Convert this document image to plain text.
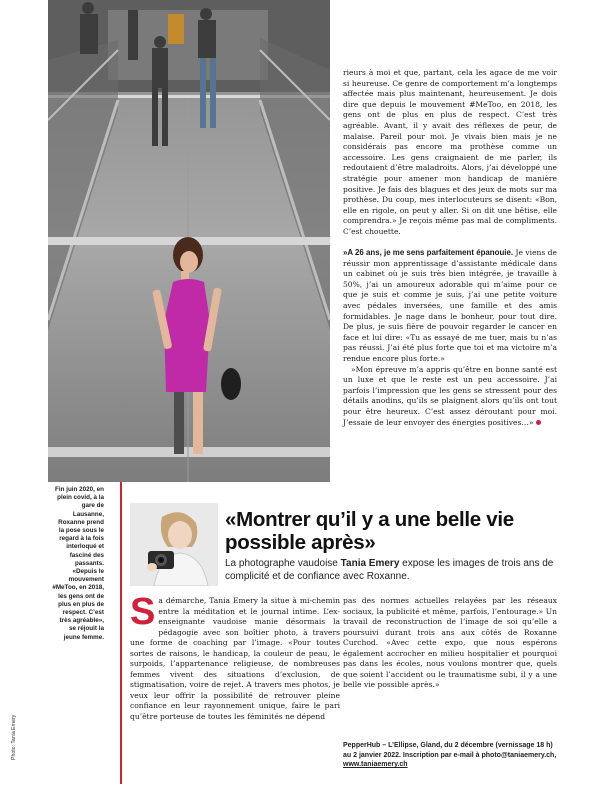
rieurs à moi et que, partant, cela les agace de me voir si heureuse. Ce genre de comportement m’a longtemps affectée mais plus maintenant, heureusement. Je dois dire que depuis le mouvement #MeToo, en 2018, les gens ont de plus en plus de respect. C’est très agréable. Avant, il y avait des réflexes de peur, de malaise. Pareil pour moi. Je vivais bien mais je ne considérais pas encore ma prothèse comme un accessoire. Les gens craignaient de me parler, ils redoutaient d’être maladroits. Alors, j’ai développé une stratégie pour amener mon handicap de manière positive. Je fais des blagues et des jeux de mots sur ma prothèse. Du coup, mes interlocuteurs se disent: «Bon, elle en rigole, on peut y aller. Si on dit une bêtise, elle comprendra.» Je reçois même pas mal de compliments. C’est chouette.

»A 26 ans, je me sens parfaitement épanouie. Je viens de réussir mon apprentissage d’assistante médicale dans un cabinet où je suis très bien intégrée, je travaille à 50%, j’ai un amoureux adorable qui m’aime pour ce que je suis et comme je suis, j’ai une petite voiture avec pédales inversées, une famille et des amis formidables. Je nage dans le bonheur, pour tout dire. De plus, je suis fière de pouvoir regarder le cancer en face et lui dire: «Tu as essayé de me tuer, mais tu n’as pas réussi. J’ai été plus forte que toi et ma victoire m’a rendue encore plus forte.»

»Mon épreuve m’a appris qu’être en bonne santé est un luxe et que le reste est un peu accessoire. J’ai parfois l’impression que les gens se stressent pour des détails anodins, qu’ils se plaignent alors qu’ils ont tout pour être heureux. C’est assez déroutant pour moi. J’essaie de leur envoyer des énergies positives…»

Fin juin 2020, en plein covid, à la gare de Lausanne, Roxanne prend la pose sous le regard à la fois interloqué et fasciné des passants. «Depuis le mouvement #MeToo, en 2018, les gens ont de plus en plus de respect. C’est très agréable», se réjouit la jeune femme.

Photo: Tania Emery
«Montrer qu’il y a une belle vie possible après»

La photographe vaudoise Tania Emery expose les images de trois ans de complicité et de confiance avec Roxanne.

Sa démarche, Tania Emery la situe à mi-chemin entre la méditation et le journal intime. L’ex-enseignante vaudoise manie désormais la pédagogie avec son boîtier photo, à travers une forme de coaching par l’image. «Pour toutes sortes de raisons, le handicap, la couleur de peau, le surpoids, l’appartenance religieuse, de nombreuses femmes vivent des situations d’exclusion, de stigmatisation, voire de rejet. A travers mes photos, je veux leur offrir la possibilité de retrouver pleine confiance en leur rayonnement unique, faire le pari qu’être porteuse de toutes les féminités ne dépend

pas des normes actuelles relayées par les réseaux sociaux, la publicité et même, parfois, l’entourage.» Un travail de reconstruction de l’image de soi qu’elle a poursuivi durant trois ans aux côtés de Roxanne Curchod. «Avec cette expo, que nous espérons également accrocher en milieu hospitalier et pourquoi pas dans les écoles, nous voulons montrer que, quels que soient l’accident ou le traumatisme subi, il y a une belle vie possible après.»

PepperHub – L’Ellipse, Gland, du 2 décembre (vernissage 18 h) au 2 janvier 2022. Inscription par e-mail à photo@taniaemery.ch, www.taniaemery.ch
